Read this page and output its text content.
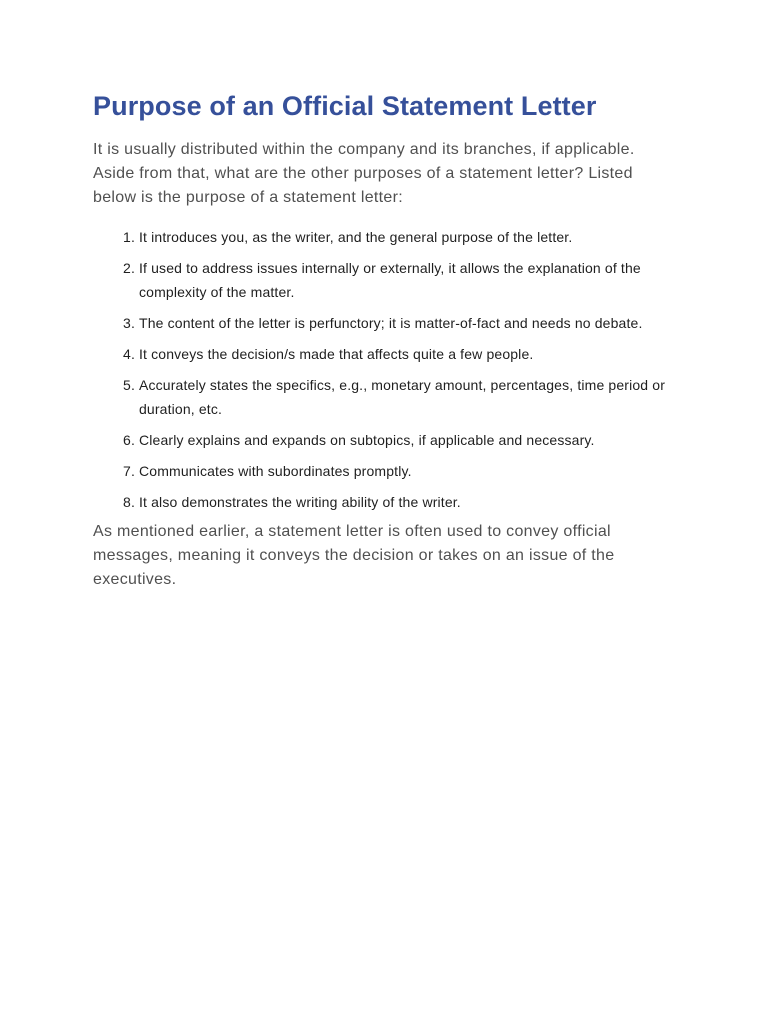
Purpose of an Official Statement Letter

It is usually distributed within the company and its branches, if applicable. Aside from that, what are the other purposes of a statement letter? Listed below is the purpose of a statement letter:

1. It introduces you, as the writer, and the general purpose of the letter.
2. If used to address issues internally or externally, it allows the explanation of the complexity of the matter.
3. The content of the letter is perfunctory; it is matter-of-fact and needs no debate.
4. It conveys the decision/s made that affects quite a few people.
5. Accurately states the specifics, e.g., monetary amount, percentages, time period or duration, etc.
6. Clearly explains and expands on subtopics, if applicable and necessary.
7. Communicates with subordinates promptly.
8. It also demonstrates the writing ability of the writer.

As mentioned earlier, a statement letter is often used to convey official messages, meaning it conveys the decision or takes on an issue of the executives.
